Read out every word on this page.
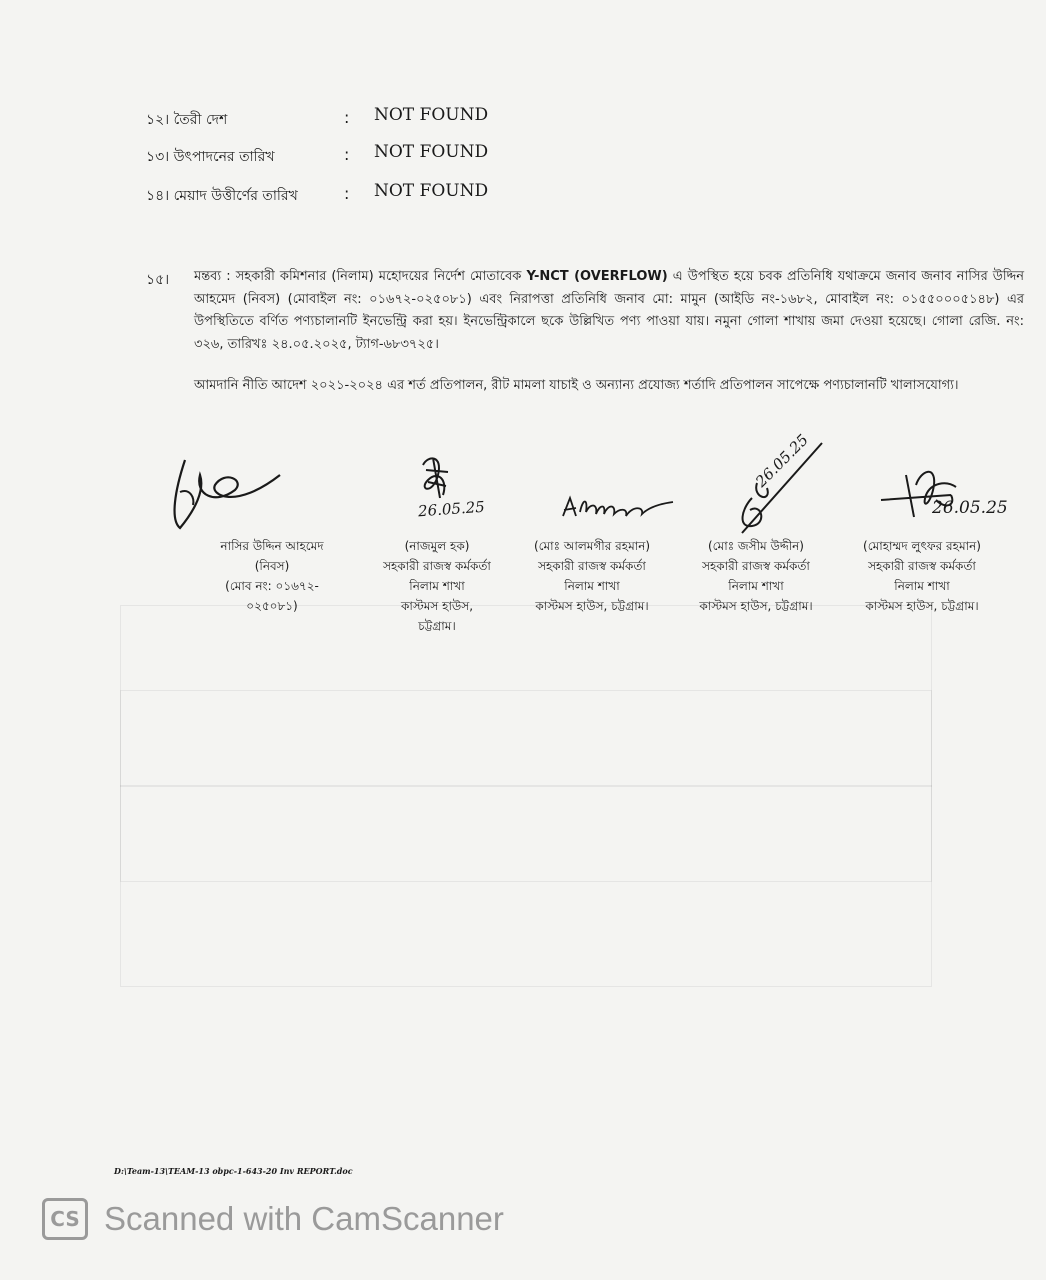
১২। তৈরী দেশ	: NOT FOUND
১৩। উৎপাদনের তারিখ	: NOT FOUND
১৪। মেয়াদ উত্তীর্ণের তারিখ	: NOT FOUND
১৫। মন্তব্য : সহকারী কমিশনার (নিলাম) মহোদয়ের নির্দেশ মোতাবেক Y-NCT (OVERFLOW) এ উপস্থিত হয়ে চবক প্রতিনিধি যথাক্রমে জনাব জনাব নাসির উদ্দিন আহমেদ (নিবস) (মোবাইল নং: ০১৬৭২-০২৫০৮১) এবং নিরাপত্তা প্রতিনিধি জনাব মো: মামুন (আইডি নং-১৬৮২, মোবাইল নং: ০১৫৫০০০৫১৪৮) এর উপস্থিতিতে বর্ণিত পণ্যচালানটি ইনভেন্ট্রি করা হয়। ইনভেন্ট্রিকালে ছকে উল্লিখিত পণ্য পাওয়া যায়। নমুনা গোলা শাখায় জমা দেওয়া হয়েছে। গোলা রেজি. নং: ৩২৬, তারিখঃ ২৪.০৫.২০২৫, ট্যাগ-৬৮৩৭২৫।
আমদানি নীতি আদেশ ২০২১-২০২৪ এর শর্ত প্রতিপালন, রীট মামলা যাচাই ও অন্যান্য প্রযোজ্য শর্তাদি প্রতিপালন সাপেক্ষে পণ্যচালানটি খালাসযোগ্য।
26.05.25
26.05.25
26.05.25
নাসির উদ্দিন আহমেদ
(নিবস)
(মোব নং: ০১৬৭২-
০২৫০৮১)
(নাজমুল হক)
সহকারী রাজস্ব কর্মকর্তা
নিলাম শাখা
কাস্টমস হাউস,
চট্টগ্রাম।
(মোঃ আলমগীর রহমান)
সহকারী রাজস্ব কর্মকর্তা
নিলাম শাখা
কাস্টমস হাউস, চট্টগ্রাম।
(মোঃ জসীম উদ্দীন)
সহকারী রাজস্ব কর্মকর্তা
নিলাম শাখা
কাস্টমস হাউস, চট্টগ্রাম।
(মোহাম্মদ লুৎফর রহমান)
সহকারী রাজস্ব কর্মকর্তা
নিলাম শাখা
কাস্টমস হাউস, চট্টগ্রাম।
D:\Team-13\TEAM-13 obpc-1-643-20 Inv REPORT.doc
CS Scanned with CamScanner
